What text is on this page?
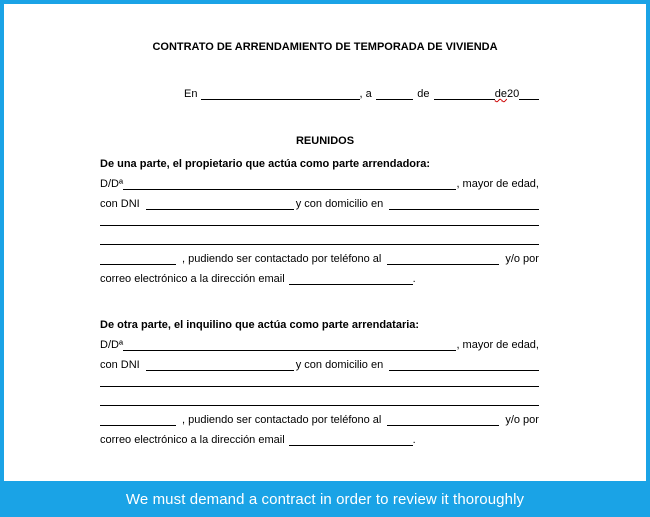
CONTRATO DE ARRENDAMIENTO DE TEMPORADA DE VIVIENDA
En	, a	de	de 20
REUNIDOS
De una parte, el propietario que actúa como parte arrendadora:
D/Dª	, mayor de edad,
con DNI	y con domicilio en
, pudiendo ser contactado por teléfono al	y/o por
correo electrónico a la dirección email	.
De otra parte, el inquilino que actúa como parte arrendataria:
D/Dª	, mayor de edad,
con DNI	y con domicilio en
, pudiendo ser contactado por teléfono al	y/o por
correo electrónico a la dirección email	.
We must demand a contract in order to review it thoroughly
